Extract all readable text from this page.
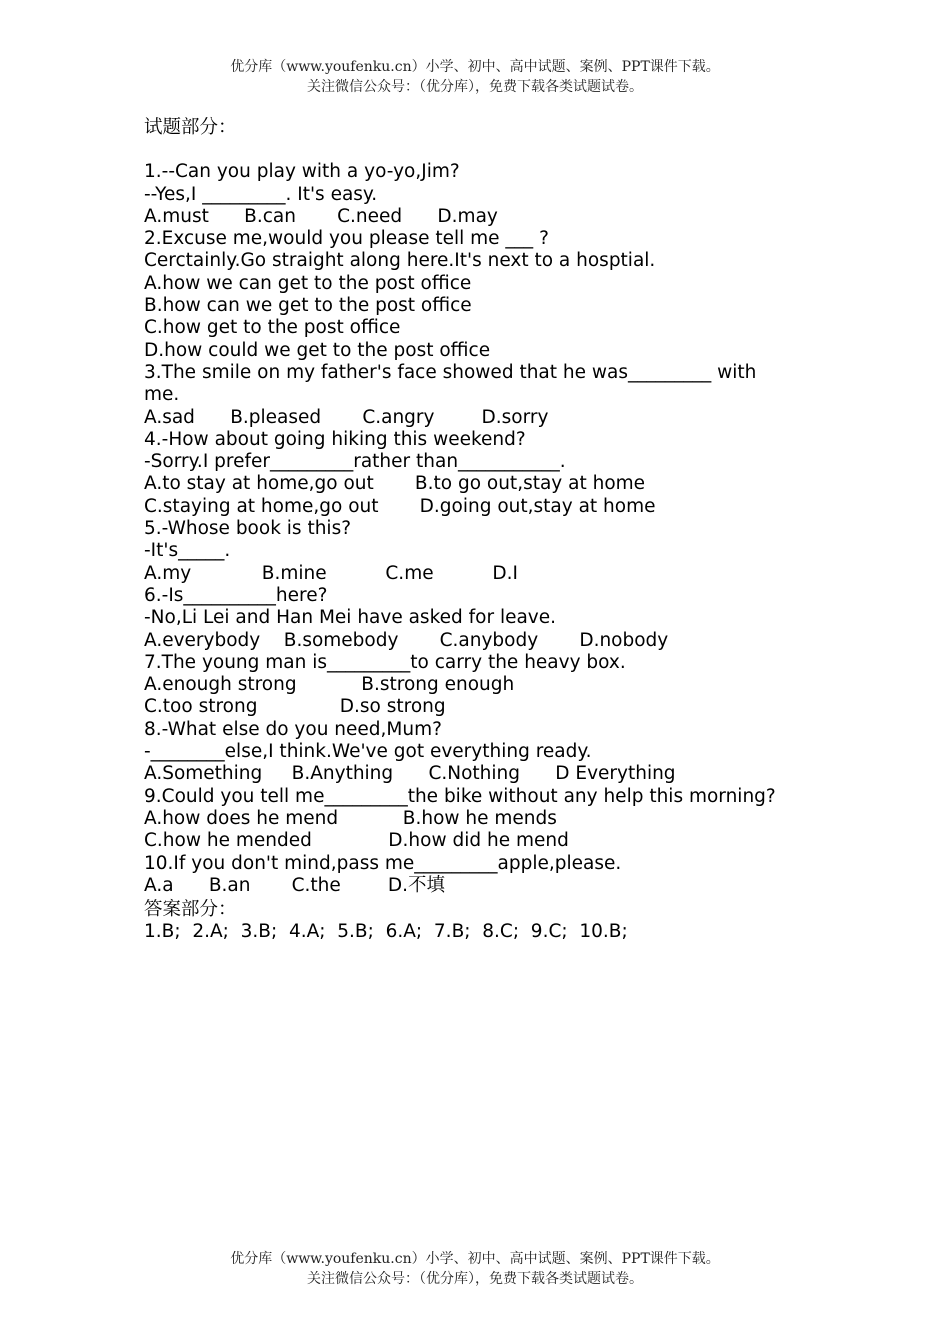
优分库（www.youfenku.cn）小学、初中、高中试题、案例、PPT课件下载。
关注微信公众号：（优分库），免费下载各类试题试卷。
试题部分：
1.--Can you play with a yo-yo,Jim?
--Yes,I _________. It's easy.
A.must      B.can       C.need      D.may
2.Excuse me,would you please tell me ___ ?
Cerctainly.Go straight along here.It's next to a hosptial.
A.how we can get to the post office
B.how can we get to the post office
C.how get to the post office
D.how could we get to the post office
3.The smile on my father's face showed that he was_________ with
me.
A.sad      B.pleased       C.angry        D.sorry
4.-How about going hiking this weekend?
-Sorry.I prefer_________rather than___________.
A.to stay at home,go out       B.to go out,stay at home
C.staying at home,go out       D.going out,stay at home
5.-Whose book is this?
-It's_____.
A.my            B.mine          C.me          D.I
6.-Is__________here?
-No,Li Lei and Han Mei have asked for leave.
A.everybody    B.somebody       C.anybody       D.nobody
7.The young man is_________to carry the heavy box.
A.enough strong           B.strong enough
C.too strong              D.so strong
8.-What else do you need,Mum?
-________else,I think.We've got everything ready.
A.Something     B.Anything      C.Nothing      D Everything
9.Could you tell me_________the bike without any help this morning?
A.how does he mend           B.how he mends
C.how he mended             D.how did he mend
10.If you don't mind,pass me_________apple,please.
A.a      B.an       C.the        D.不填
答案部分：
1.B;  2.A;  3.B;  4.A;  5.B;  6.A;  7.B;  8.C;  9.C;  10.B;
优分库（www.youfenku.cn）小学、初中、高中试题、案例、PPT课件下载。
关注微信公众号：（优分库），免费下载各类试题试卷。
